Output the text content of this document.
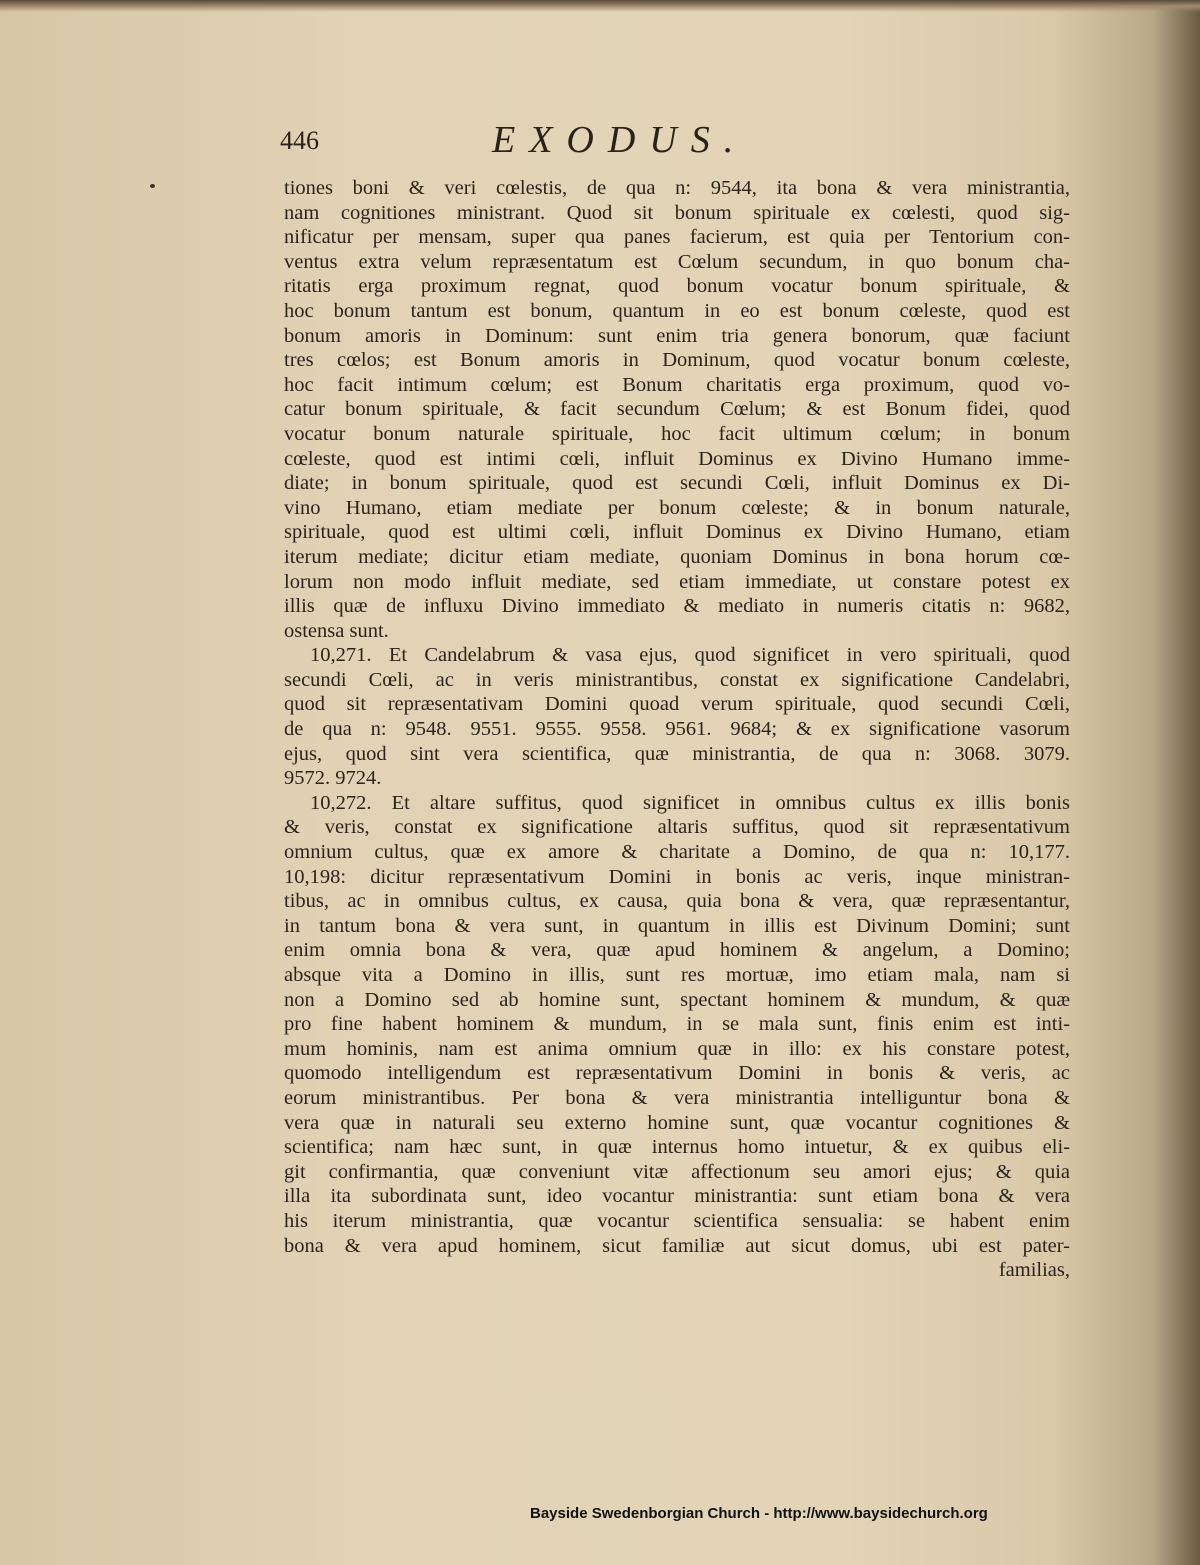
446	EXODUS.
tiones boni & veri cœlestis, de qua n: 9544, ita bona & vera ministrantia,
nam cognitiones ministrant. Quod sit bonum spirituale ex cœlesti, quod sig-
nificatur per mensam, super qua panes facierum, est quia per Tentorium con-
ventus extra velum repræsentatum est Cœlum secundum, in quo bonum cha-
ritatis erga proximum regnat, quod bonum vocatur bonum spirituale, &
hoc bonum tantum est bonum, quantum in eo est bonum cœleste, quod est
bonum amoris in Dominum: sunt enim tria genera bonorum, quæ faciunt
tres cœlos; est Bonum amoris in Dominum, quod vocatur bonum cœleste,
hoc facit intimum cœlum; est Bonum charitatis erga proximum, quod vo-
catur bonum spirituale, & facit secundum Cœlum; & est Bonum fidei, quod
vocatur bonum naturale spirituale, hoc facit ultimum cœlum; in bonum
cœleste, quod est intimi cœli, influit Dominus ex Divino Humano imme-
diate; in bonum spirituale, quod est secundi Cœli, influit Dominus ex Di-
vino Humano, etiam mediate per bonum cœleste; & in bonum naturale,
spirituale, quod est ultimi cœli, influit Dominus ex Divino Humano, etiam
iterum mediate; dicitur etiam mediate, quoniam Dominus in bona horum cœ-
lorum non modo influit mediate, sed etiam immediate, ut constare potest ex
illis quæ de influxu Divino immediato & mediato in numeris citatis n: 9682,
ostensa sunt.
10,271. Et Candelabrum & vasa ejus, quod significet in vero spirituali, quod
secundi Cœli, ac in veris ministrantibus, constat ex significatione Candelabri,
quod sit repræsentativam Domini quoad verum spirituale, quod secundi Cœli,
de qua n: 9548. 9551. 9555. 9558. 9561. 9684; & ex significatione vasorum
ejus, quod sint vera scientifica, quæ ministrantia, de qua n: 3068. 3079.
9572. 9724.
10,272. Et altare suffitus, quod significet in omnibus cultus ex illis bonis
& veris, constat ex significatione altaris suffitus, quod sit repræsentativum
omnium cultus, quæ ex amore & charitate a Domino, de qua n: 10,177.
10,198: dicitur repræsentativum Domini in bonis ac veris, inque ministran-
tibus, ac in omnibus cultus, ex causa, quia bona & vera, quæ repræsentantur,
in tantum bona & vera sunt, in quantum in illis est Divinum Domini; sunt
enim omnia bona & vera, quæ apud hominem & angelum, a Domino;
absque vita a Domino in illis, sunt res mortuæ, imo etiam mala, nam si
non a Domino sed ab homine sunt, spectant hominem & mundum, & quæ
pro fine habent hominem & mundum, in se mala sunt, finis enim est inti-
mum hominis, nam est anima omnium quæ in illo: ex his constare potest,
quomodo intelligendum est repræsentativum Domini in bonis & veris, ac
eorum ministrantibus. Per bona & vera ministrantia intelliguntur bona &
vera quæ in naturali seu externo homine sunt, quæ vocantur cognitiones &
scientifica; nam hæc sunt, in quæ internus homo intuetur, & ex quibus eli-
git confirmantia, quæ conveniunt vitæ affectionum seu amori ejus; & quia
illa ita subordinata sunt, ideo vocantur ministrantia: sunt etiam bona & vera
his iterum ministrantia, quæ vocantur scientifica sensualia: se habent enim
bona & vera apud hominem, sicut familiæ aut sicut domus, ubi est pater-
familias,
Bayside Swedenborgian Church - http://www.baysidechurch.org
